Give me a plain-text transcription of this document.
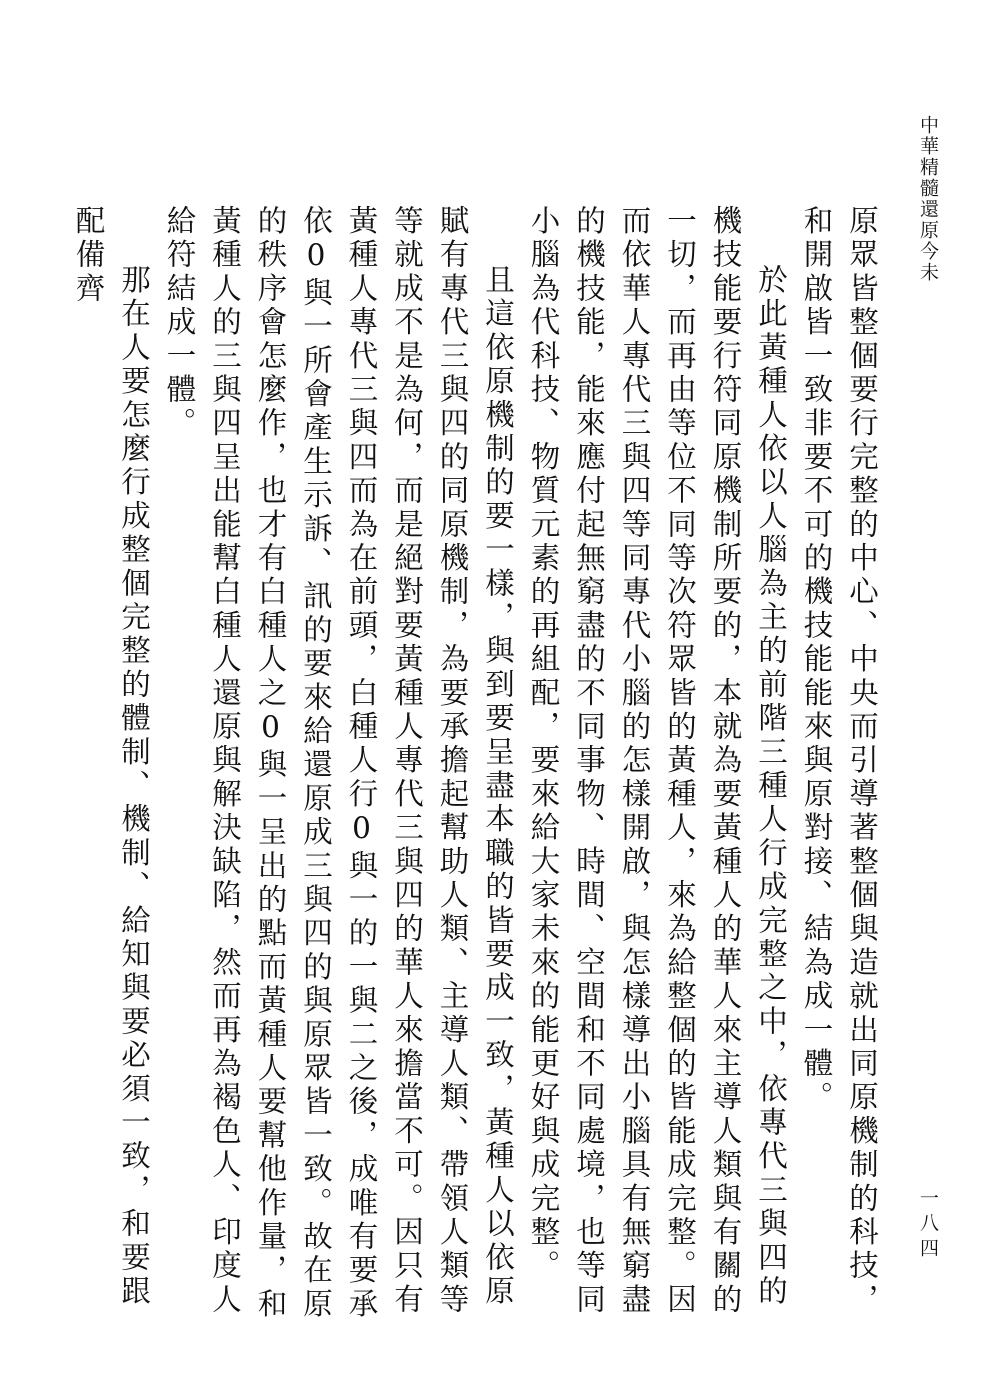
中華精髓還原今未
一八四

原眾皆整個要行完整的中心、中央而引導著整個與造就出同原機制的科技，和開啟皆一致非要不可的機技能能來與原對接、結為成一體。

於此黃種人依以人腦為主的前階三種人行成完整之中，依專代三與四的機技能要行符同原機制所要的，本就為要黃種人的華人來主導人類與有關的一切，而再由等位不同等次符眾皆的黃種人，來為給整個的皆能成完整。因而依華人專代三與四等同專代小腦的怎樣開啟，與怎樣導出小腦具有無窮盡的機技能，能來應付起無窮盡的不同事物、時間、空間和不同處境，也等同小腦為代科技、物質元素的再組配，要來給大家未來的能更好與成完整。

且這依原機制的要一樣，與到要呈盡本職的皆要成一致，黃種人以依原賦有專代三與四的同原機制，為要承擔起幫助人類、主導人類、帶領人類等等就成不是為何，而是絕對要黃種人專代三與四的華人來擔當不可。因只有黃種人專代三與四而為在前頭，白種人行0與一的一與二之後，成唯有要承依0與一所會產生示訴、訊的要來給還原成三與四的與原眾皆一致。故在原的秩序會怎麼作，也才有白種人之0與一呈出的點而黃種人要幫他作量，和黃種人的三與四呈出能幫白種人還原與解決缺陷，然而再為褐色人、印度人給符結成一體。

那在人要怎麼行成整個完整的體制、機制、給知與要必須一致，和要跟配備齊
